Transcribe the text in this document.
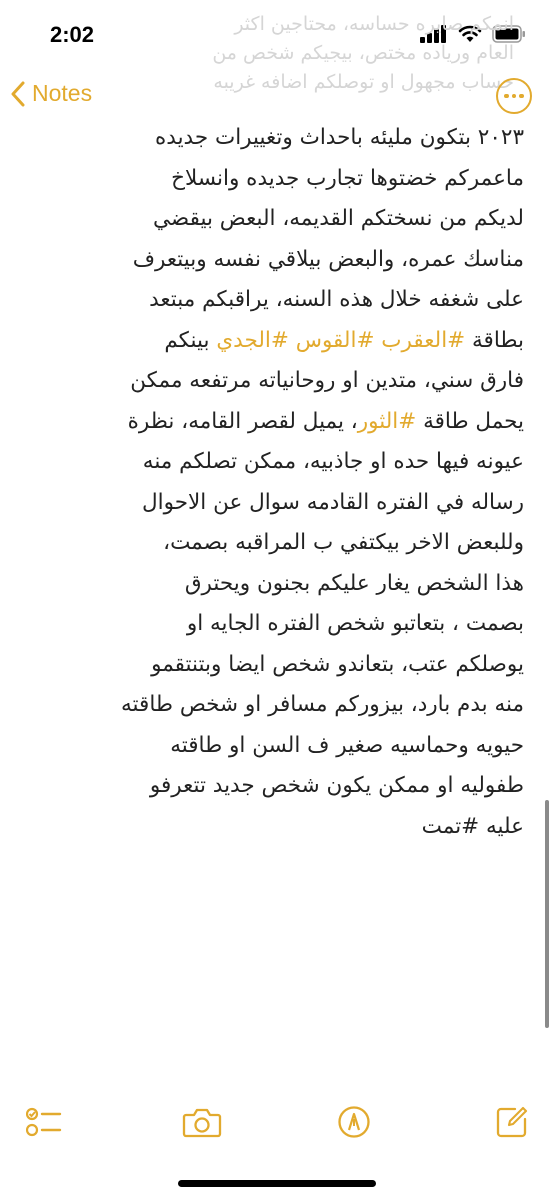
2:02	انمكم صايره حساسه، محتاجين اكثر
العام ورياده مختص، بيجيكم شخص من
حساب مجهول او توصلكم اضافه غريبه
Notes
٢٠٢٣ بتكون مليئه باحداث وتغييرات جديده
ماعمركم خضتوها تجارب جديده وانسلاخ
لديكم من نسختكم القديمه، البعض بيقضي
مناسك عمره، والبعض بيلاقي نفسه وبيتعرف
على شغفه خلال هذه السنه، يراقبكم مبتعد
بطاقة #العقرب #القوس #الجدي بينكم
فارق سني، متدين او روحانياته مرتفعه ممكن
يحمل طاقة #الثور، يميل لقصر القامه، نظرة
عيونه فيها حده او جاذبيه، ممكن تصلكم منه
رساله في الفتره القادمه سوال عن الاحوال
وللبعض الاخر بيكتفي ب المراقبه بصمت،
هذا الشخص يغار عليكم بجنون ويحترق
بصمت ، بتعاتبو شخص الفتره الجايه او
يوصلكم عتب، بتعاندو شخص ايضا وبتنتقمو
منه بدم بارد، بيزوركم مسافر او شخص طاقته
حيويه وحماسيه صغير ف السن او طاقته
طفوليه او ممكن يكون شخص جديد تتعرفو
عليه #تمت
